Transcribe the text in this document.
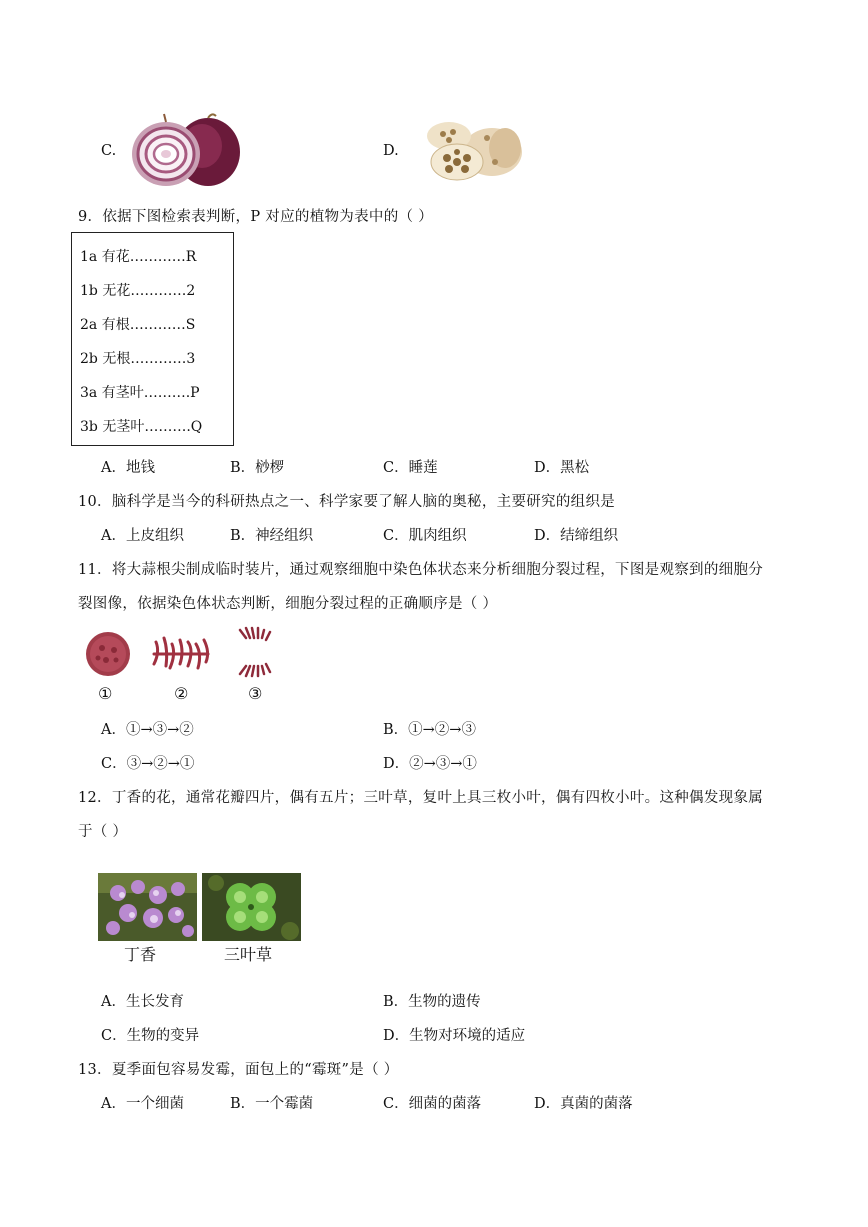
C.	D.
9．依据下图检索表判断，P 对应的植物为表中的（ ）
1a 有花…………R
1b 无花…………2
2a 有根…………S
2b 无根…………3
3a 有茎叶……….P
3b 无茎叶……….Q
A．地钱	B．桫椤	C．睡莲	D．黑松
10．脑科学是当今的科研热点之一、科学家要了解人脑的奥秘，主要研究的组织是
A．上皮组织	B．神经组织	C．肌肉组织	D．结缔组织
11．将大蒜根尖制成临时装片，通过观察细胞中染色体状态来分析细胞分裂过程，下图是观察到的细胞分
裂图像，依据染色体状态判断，细胞分裂过程的正确顺序是（ ）
①	②	③
A．①→③→②	B．①→②→③
C．③→②→①	D．②→③→①
12．丁香的花，通常花瓣四片，偶有五片；三叶草，复叶上具三枚小叶，偶有四枚小叶。这种偶发现象属
于（ ）
丁香	三叶草
A．生长发育	B．生物的遗传
C．生物的变异	D．生物对环境的适应
13．夏季面包容易发霉，面包上的“霉斑”是（ ）
A．一个细菌	B．一个霉菌	C．细菌的菌落	D．真菌的菌落
